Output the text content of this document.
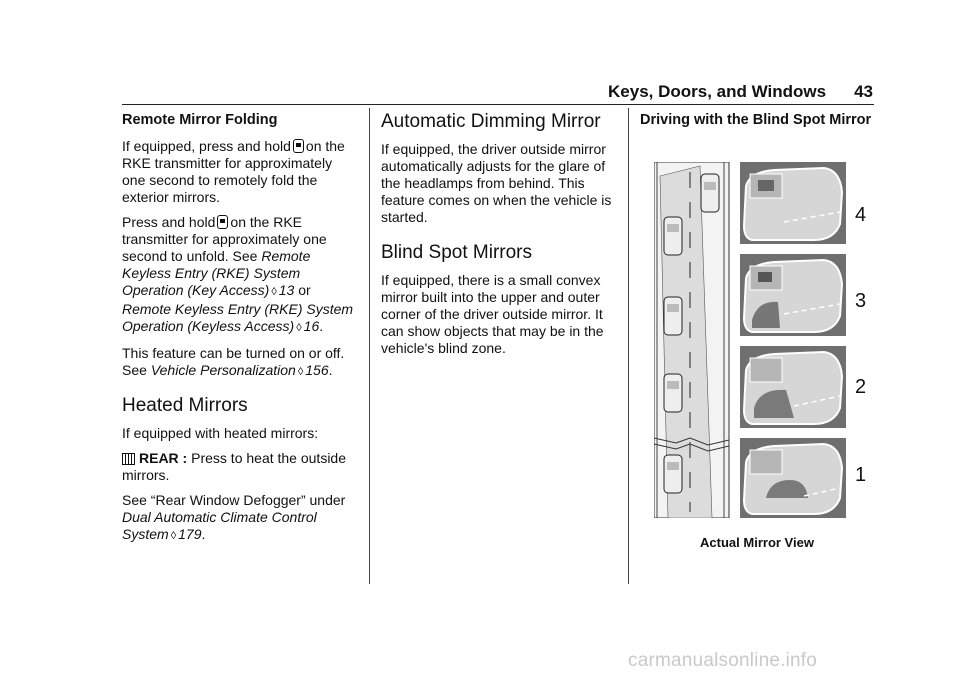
Keys, Doors, and Windows 43
Remote Mirror Folding

If equipped, press and hold on the RKE transmitter for approximately one second to remotely fold the exterior mirrors.

Press and hold on the RKE transmitter for approximately one second to unfold. See Remote Keyless Entry (RKE) System Operation (Key Access) ◊ 13 or Remote Keyless Entry (RKE) System Operation (Keyless Access) ◊ 16.

This feature can be turned on or off. See Vehicle Personalization ◊ 156.

Heated Mirrors

If equipped with heated mirrors:

REAR : Press to heat the outside mirrors.

See “Rear Window Defogger” under Dual Automatic Climate Control System ◊ 179.

Automatic Dimming Mirror

If equipped, the driver outside mirror automatically adjusts for the glare of the headlamps from behind. This feature comes on when the vehicle is started.

Blind Spot Mirrors

If equipped, there is a small convex mirror built into the upper and outer corner of the driver outside mirror. It can show objects that may be in the vehicle's blind zone.

Driving with the Blind Spot Mirror
4
3
2
1
Actual Mirror View
carmanualsonline.info
